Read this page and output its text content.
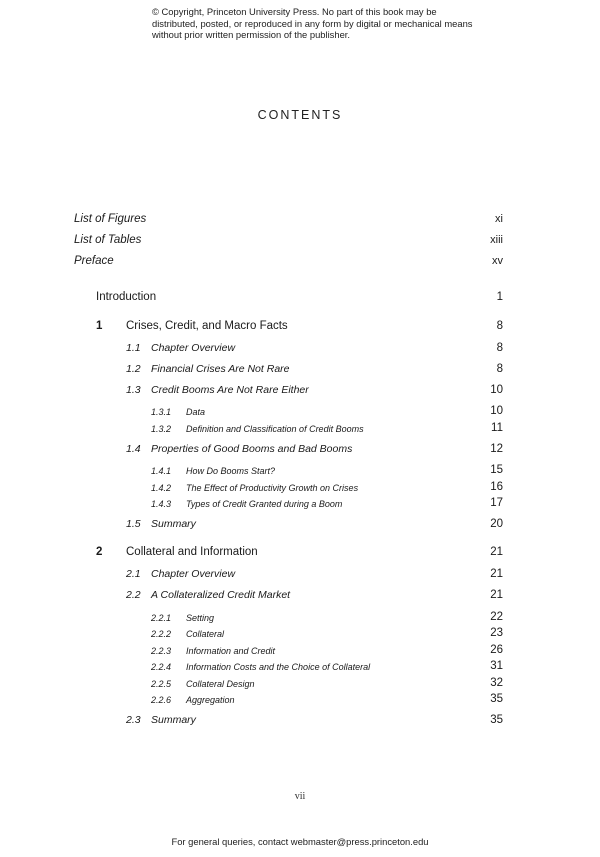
© Copyright, Princeton University Press. No part of this book may be distributed, posted, or reproduced in any form by digital or mechanical means without prior written permission of the publisher.
CONTENTS
List of Figures	xi
List of Tables	xiii
Preface	xv
Introduction	1
1 Crises, Credit, and Macro Facts	8
1.1 Chapter Overview	8
1.2 Financial Crises Are Not Rare	8
1.3 Credit Booms Are Not Rare Either	10
1.3.1 Data	10
1.3.2 Definition and Classification of Credit Booms	11
1.4 Properties of Good Booms and Bad Booms	12
1.4.1 How Do Booms Start?	15
1.4.2 The Effect of Productivity Growth on Crises	16
1.4.3 Types of Credit Granted during a Boom	17
1.5 Summary	20
2 Collateral and Information	21
2.1 Chapter Overview	21
2.2 A Collateralized Credit Market	21
2.2.1 Setting	22
2.2.2 Collateral	23
2.2.3 Information and Credit	26
2.2.4 Information Costs and the Choice of Collateral	31
2.2.5 Collateral Design	32
2.2.6 Aggregation	35
2.3 Summary	35
vii
For general queries, contact webmaster@press.princeton.edu
